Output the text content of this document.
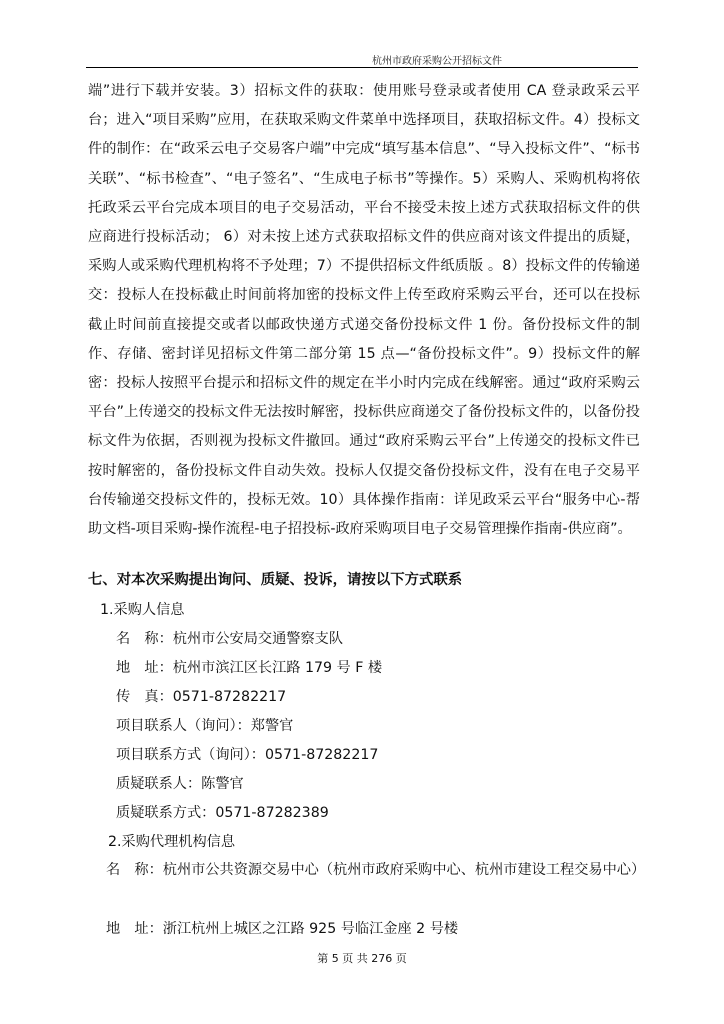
杭州市政府采购公开招标文件
端”进行下载并安装。3）招标文件的获取：使用账号登录或者使用 CA 登录政采云平台；进入“项目采购”应用，在获取采购文件菜单中选择项目，获取招标文件。4）投标文件的制作：在“政采云电子交易客户端”中完成“填写基本信息”、“导入投标文件”、“标书关联”、“标书检查”、“电子签名”、“生成电子标书”等操作。5）采购人、采购机构将依托政采云平台完成本项目的电子交易活动，平台不接受未按上述方式获取招标文件的供应商进行投标活动； 6）对未按上述方式获取招标文件的供应商对该文件提出的质疑，采购人或采购代理机构将不予处理；7）不提供招标文件纸质版 。8）投标文件的传输递交：投标人在投标截止时间前将加密的投标文件上传至政府采购云平台，还可以在投标截止时间前直接提交或者以邮政快递方式递交备份投标文件 1 份。备份投标文件的制作、存储、密封详见招标文件第二部分第 15 点—“备份投标文件”。9）投标文件的解密：投标人按照平台提示和招标文件的规定在半小时内完成在线解密。通过“政府采购云平台”上传递交的投标文件无法按时解密，投标供应商递交了备份投标文件的，以备份投标文件为依据，否则视为投标文件撤回。通过“政府采购云平台”上传递交的投标文件已按时解密的，备份投标文件自动失效。投标人仅提交备份投标文件，没有在电子交易平台传输递交投标文件的，投标无效。10）具体操作指南：详见政采云平台“服务中心-帮助文档-项目采购-操作流程-电子招投标-政府采购项目电子交易管理操作指南-供应商”。
七、对本次采购提出询问、质疑、投诉，请按以下方式联系
1.采购人信息
名　称：杭州市公安局交通警察支队
地　址：杭州市滨江区长江路 179 号 F 楼
传　真：0571-87282217
项目联系人（询问）：郑警官
项目联系方式（询问）：0571-87282217
质疑联系人：陈警官
质疑联系方式：0571-87282389
2.采购代理机构信息
名　称：杭州市公共资源交易中心（杭州市政府采购中心、杭州市建设工程交易中心）
地　址：浙江杭州上城区之江路 925 号临江金座 2 号楼
第 5 页 共 276 页
